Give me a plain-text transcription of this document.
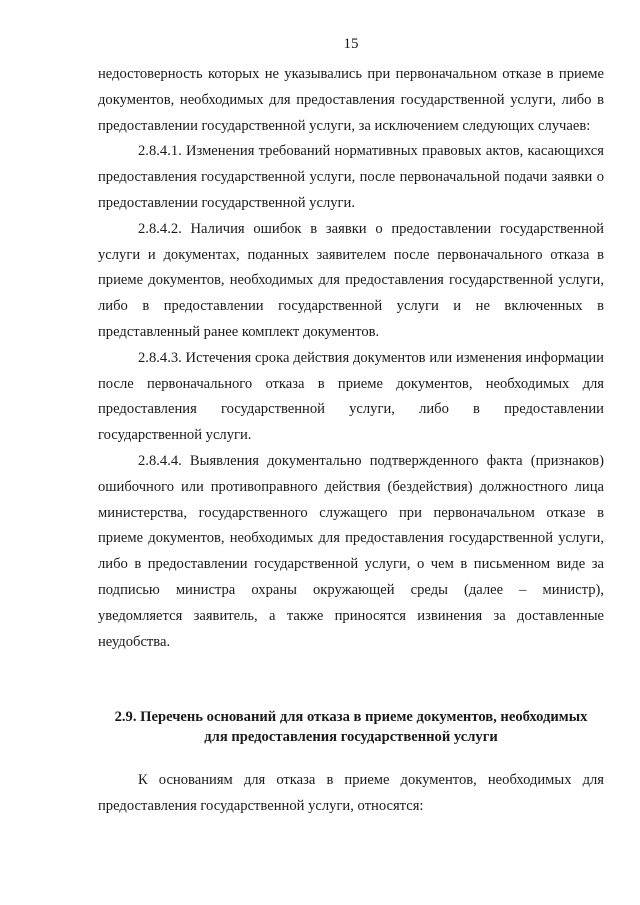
15

недостоверность которых не указывались при первоначальном отказе в приеме документов, необходимых для предоставления государственной услуги, либо в предоставлении государственной услуги, за исключением следующих случаев:

2.8.4.1. Изменения требований нормативных правовых актов, касающихся предоставления государственной услуги, после первоначальной подачи заявки о предоставлении государственной услуги.

2.8.4.2. Наличия ошибок в заявки о предоставлении государственной услуги и документах, поданных заявителем после первоначального отказа в приеме документов, необходимых для предоставления государственной услуги, либо в предоставлении государственной услуги и не включенных в представленный ранее комплект документов.

2.8.4.3. Истечения срока действия документов или изменения информации после первоначального отказа в приеме документов, необходимых для предоставления государственной услуги, либо в предоставлении государственной услуги.

2.8.4.4. Выявления документально подтвержденного факта (признаков) ошибочного или противоправного действия (бездействия) должностного лица министерства, государственного служащего при первоначальном отказе в приеме документов, необходимых для предоставления государственной услуги, либо в предоставлении государственной услуги, о чем в письменном виде за подписью министра охраны окружающей среды (далее – министр), уведомляется заявитель, а также приносятся извинения за доставленные неудобства.

2.9. Перечень оснований для отказа в приеме документов, необходимых
для предоставления государственной услуги

К основаниям для отказа в приеме документов, необходимых для предоставления государственной услуги, относятся:
